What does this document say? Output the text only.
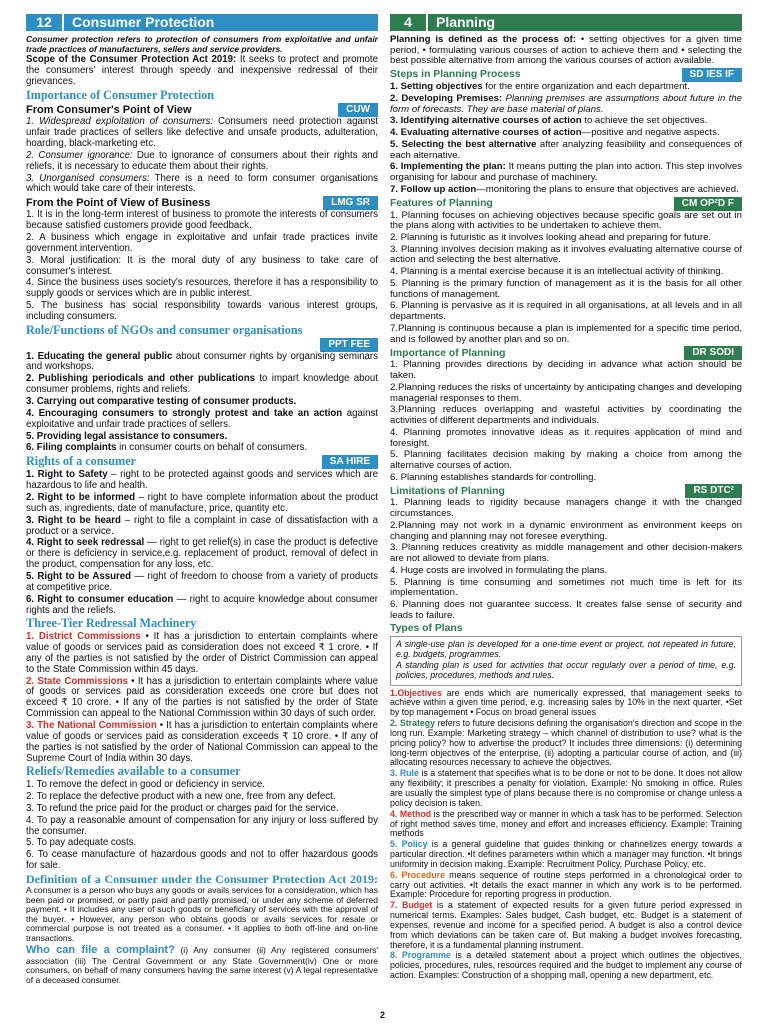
12	Consumer Protection

Consumer protection refers to protection of consumers from exploitative and unfair trade practices of manufacturers, sellers and service providers.

Scope of the Consumer Protection Act 2019: It seeks to protect and promote the consumers' interest through speedy and inexpensive redressal of their grievances.

Importance of Consumer Protection
From Consumer's Point of View	CUW

1. Widespread exploitation of consumers: Consumers need protection against unfair trade practices of sellers like defective and unsafe products, adulteration, hoarding, black-marketing etc.

2. Consumer ignorance: Due to ignorance of consumers about their rights and reliefs, it is necessary to educate them about their rights.

3. Unorganised consumers: There is a need to form consumer organisations which would take care of their interests.

From the Point of View of Business	LMG SR

1. It is in the long-term interest of business to promote the interests of consumers because satisfied customers provide good feedback.

2. A business which engage in exploitative and unfair trade practices invite government intervention.

3. Moral justification: It is the moral duty of any business to take care of consumer's interest.

4. Since the business uses society's resources, therefore it has a responsibility to supply goods or services which are in public interest.

5. The business has social responsibility towards various interest groups, including consumers.

Role/Functions of NGOs and consumer organisations
PPT FEE

1. Educating the general public about consumer rights by organising seminars and workshops.

2. Publishing periodicals and other publications to impart knowledge about consumer problems, rights and reliefs.

3. Carrying out comparative testing of consumer products.

4. Encouraging consumers to strongly protest and take an action against exploitative and unfair trade practices of sellers.

5. Providing legal assistance to consumers.

6. Filing complaints in consumer courts on behalf of consumers.

Rights of a consumer	SA HIRE

1. Right to Safety – right to be protected against goods and services which are hazardous to life and health.

2. Right to be informed – right to have complete information about the product such as, ingredients, date of manufacture, price, quantity etc.

3. Right to be heard – right to file a complaint in case of dissatisfaction with a product or a service.

4. Right to seek redressal — right to get relief(s) in case the product is defective or there is deficiency in service,e.g. replacement of product, removal of defect in the product, compensation for any loss, etc.

5. Right to be Assured — right of freedom to choose from a variety of products at competitive price.

6. Right to consumer education — right to acquire knowledge about consumer rights and the reliefs.

Three-Tier Redressal Machinery

1. District Commissions • It has a jurisdiction to entertain complaints where value of goods or services paid as consideration does not exceed ₹ 1 crore. • If any of the parties is not satisfied by the order of District Commission can appeal to the State Commission within 45 days.

2. State Commissions • It has a jurisdiction to entertain complaints where value of goods or services paid as consideration exceeds one crore but does not exceed ₹ 10 crore. • If any of the parties is not satisfied by the order of State Commission can appeal to the National Commission within 30 days of such order.

3. The National Commission • It has a jurisdiction to entertain complaints where value of goods or services paid as consideration exceeds ₹ 10 crore. • If any of the parties is not satisfied by the order of National Commission can appeal to the Supreme Court of India within 30 days.

Reliefs/Remedies available to a consumer

1. To remove the defect in good or deficiency in service.

2. To replace the defective product with a new one, free from any defect.

3. To refund the price paid for the product or charges paid for the service.

4. To pay a reasonable amount of compensation for any injury or loss suffered by the consumer.

5. To pay adequate costs.

6. To cease manufacture of hazardous goods and not to offer hazardous goods for sale.

Definition of a Consumer under the Consumer Protection Act 2019: A consumer is a person who buys any goods or avails services for a consideration, which has been paid or promised, or partly paid and partly promised, or under any scheme of deferred payment. • It includes any user of such goods or beneficiary of services with the approval of the buyer. • However, any person who obtains goods or avails services for resale or commercial purpose is not treated as a consumer. • It applies to both off-line and on-line transactions.

Who can file a complaint? (i) Any consumer (ii) Any registered consumers' association (iii) The Central Government or any State Government(iv) One or more consumers, on behalf of many consumers having the same interest (v) A legal representative of a deceased consumer.

4	Planning

Planning is defined as the process of: • setting objectives for a given time period, • formulating various courses of action to achieve them and • selecting the best possible alternative from among the various courses of action available.

Steps in Planning Process	SD IES IF

1. Setting objectives for the entire organization and each department.

2. Developing Premises: Planning premises are assumptions about future in the form of forecasts. They are base material of plans.

3. Identifying alternative courses of action to achieve the set objectives.

4. Evaluating alternative courses of action—positive and negative aspects.

5. Selecting the best alternative after analyzing feasibility and consequences of each alternative.

6. Implementing the plan: It means putting the plan into action. This step involves organising for labour and purchase of machinery.

7. Follow up action—monitoring the plans to ensure that objectives are achieved.

Features of Planning	CM OP²D F

1. Planning focuses on achieving objectives because specific goals are set out in the plans along with activities to be undertaken to achieve them.

2. Planning is futuristic as it involves looking ahead and preparing for future.

3. Planning involves decision making as it involves evaluating alternative course of action and selecting the best alternative.

4. Planning is a mental exercise because it is an intellectual activity of thinking.

5. Planning is the primary function of management as it is the basis for all other functions of management.

6. Planning is pervasive as it is required in all organisations, at all levels and in all departments.

7.Planning is continuous because a plan is implemented for a specific time period, and is followed by another plan and so on.

Importance of Planning	DR SODI

1. Planning provides directions by deciding in advance what action should be taken.

2.Planning reduces the risks of uncertainty by anticipating changes and developing managerial responses to them.

3.Planning reduces overlapping and wasteful activities by coordinating the activities of different departments and individuals.

4. Planning promotes innovative ideas as it requires application of mind and foresight.

5. Planning facilitates decision making by making a choice from among the alternative courses of action.

6. Planning establishes standards for controlling.

Limitations of Planning	RS DTC²

1. Planning leads to rigidity because managers change it with the changed circumstances.

2.Planning may not work in a dynamic environment as environment keeps on changing and planning may not foresee everything.

3. Planning reduces creativity as middle management and other decision-makers are not allowed to deviate from plans.

4. Huge costs are involved in formulating the plans.

5. Planning is time consuming and sometimes not much time is left for its implementation.

6. Planning does not guarantee success. It creates false sense of security and leads to failure.

Types of Plans

A single-use plan is developed for a one-time event or project, not repeated in future, e.g. budgets, programmes.

A standing plan is used for activities that occur regularly over a period of time, e.g. policies, procedures, methods and rules.

1.Objectives are ends which are numerically expressed, that management seeks to achieve within a given time period, e.g. increasing sales by 10% in the next quarter. •Set by top management • Focus on broad general issues

2. Strategy refers to future decisions defining the organisation's direction and scope in the long run. Example: Marketing strategy – which channel of distribution to use? what is the pricing policy? how to advertise the product? It includes three dimensions: (i) determining long-term objectives of the enterprise, (ii) adopting a particular course of action, and (iii) allocating resources necessary to achieve the objectives.

3. Rule is a statement that specifies what is to be done or not to be done. It does not allow any flexibility; it prescribes a penalty for violation. Example: No smoking in office. Rules are usually the simplest type of plans because there is no compromise or change unless a policy decision is taken.

4. Method is the prescribed way or manner in which a task has to be performed. Selection of right method saves time, money and effort and increases efficiency. Example: Training methods

5. Policy is a general guideline that guides thinking or channelizes energy towards a particular direction. •It defines parameters within which a manager may function. •It brings uniformity in decision making. Example: Recruitment Policy, Purchase Policy, etc.

6. Procedure means sequence of routine steps performed in a chronological order to carry out activities. •It details the exact manner in which any work is to be performed. Example: Procedure for reporting progress in production.

7. Budget is a statement of expected results for a given future period expressed in numerical terms. Examples: Sales budget, Cash budget, etc. Budget is a statement of expenses, revenue and income for a specified period. A budget is also a control device from which deviations can be taken care of. But making a budget involves forecasting, therefore, it is a fundamental planning instrument.

8. Programme is a detailed statement about a project which outlines the objectives, policies, procedures, rules, resources required and the budget to implement any course of action. Examples: Construction of a shopping mall, opening a new department, etc.

2
